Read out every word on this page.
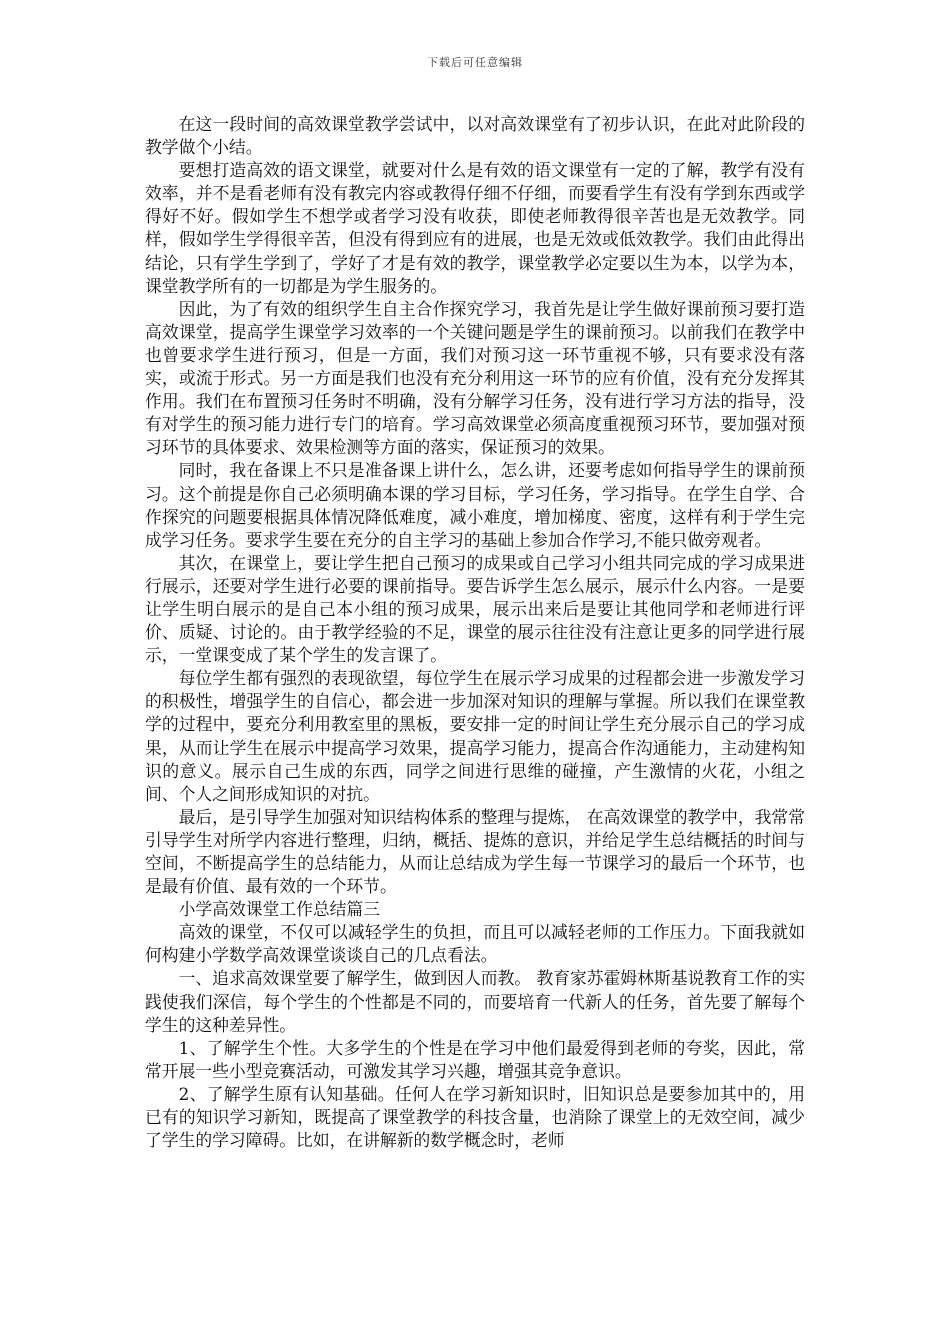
下载后可任意编辑

在这一段时间的高效课堂教学尝试中，以对高效课堂有了初步认识，在此对此阶段的教学做个小结。

要想打造高效的语文课堂，就要对什么是有效的语文课堂有一定的了解，教学有没有效率，并不是看老师有没有教完内容或教得仔细不仔细，而要看学生有没有学到东西或学得好不好。假如学生不想学或者学习没有收获，即使老师教得很辛苦也是无效教学。同样，假如学生学得很辛苦，但没有得到应有的进展，也是无效或低效教学。我们由此得出结论，只有学生学到了，学好了才是有效的教学，课堂教学必定要以生为本，以学为本，课堂教学所有的一切都是为学生服务的。

因此，为了有效的组织学生自主合作探究学习，我首先是让学生做好课前预习要打造高效课堂，提高学生课堂学习效率的一个关键问题是学生的课前预习。以前我们在教学中也曾要求学生进行预习，但是一方面，我们对预习这一环节重视不够，只有要求没有落实，或流于形式。另一方面是我们也没有充分利用这一环节的应有价值，没有充分发挥其作用。我们在布置预习任务时不明确，没有分解学习任务，没有进行学习方法的指导，没有对学生的预习能力进行专门的培育。学习高效课堂必须高度重视预习环节，要加强对预习环节的具体要求、效果检测等方面的落实，保证预习的效果。

同时，我在备课上不只是准备课上讲什么，怎么讲，还要考虑如何指导学生的课前预习。这个前提是你自己必须明确本课的学习目标，学习任务，学习指导。在学生自学、合作探究的问题要根据具体情况降低难度，减小难度，增加梯度、密度，这样有利于学生完成学习任务。要求学生要在充分的自主学习的基础上参加合作学习,不能只做旁观者。

其次，在课堂上，要让学生把自己预习的成果或自己学习小组共同完成的学习成果进行展示，还要对学生进行必要的课前指导。要告诉学生怎么展示，展示什么内容。一是要让学生明白展示的是自己本小组的预习成果，展示出来后是要让其他同学和老师进行评价、质疑、讨论的。由于教学经验的不足，课堂的展示往往没有注意让更多的同学进行展示，一堂课变成了某个学生的发言课了。

每位学生都有强烈的表现欲望，每位学生在展示学习成果的过程都会进一步激发学习的积极性，增强学生的自信心，都会进一步加深对知识的理解与掌握。所以我们在课堂教学的过程中，要充分利用教室里的黑板，要安排一定的时间让学生充分展示自己的学习成果，从而让学生在展示中提高学习效果，提高学习能力，提高合作沟通能力，主动建构知识的意义。展示自己生成的东西，同学之间进行思维的碰撞，产生激情的火花，小组之间、个人之间形成知识的对抗。

最后，是引导学生加强对知识结构体系的整理与提炼， 在高效课堂的教学中，我常常引导学生对所学内容进行整理，归纳，概括、提炼的意识，并给足学生总结概括的时间与空间，不断提高学生的总结能力，从而让总结成为学生每一节课学习的最后一个环节，也是最有价值、最有效的一个环节。

小学高效课堂工作总结篇三

高效的课堂，不仅可以减轻学生的负担，而且可以减轻老师的工作压力。下面我就如何构建小学数学高效课堂谈谈自己的几点看法。

一、追求高效课堂要了解学生，做到因人而教。 教育家苏霍姆林斯基说教育工作的实践使我们深信，每个学生的个性都是不同的，而要培育一代新人的任务，首先要了解每个学生的这种差异性。

1、了解学生个性。大多学生的个性是在学习中他们最爱得到老师的夸奖，因此，常常开展一些小型竞赛活动，可激发其学习兴趣，增强其竞争意识。

2、了解学生原有认知基础。任何人在学习新知识时，旧知识总是要参加其中的，用已有的知识学习新知，既提高了课堂教学的科技含量，也消除了课堂上的无效空间，减少了学生的学习障碍。比如，在讲解新的数学概念时，老师
